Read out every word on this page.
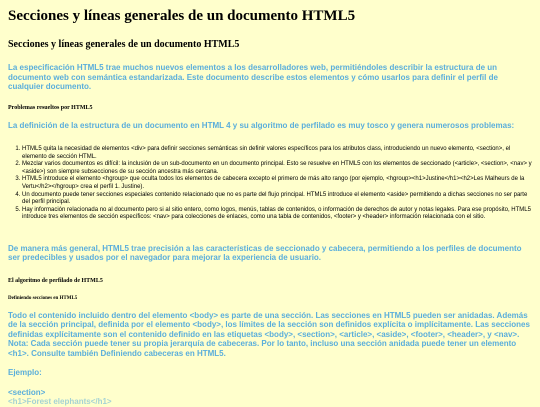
Secciones y líneas generales de un documento HTML5
Secciones y líneas generales de un documento HTML5

La especificación HTML5 trae muchos nuevos elementos a los desarrolladores web, permitiéndoles describir la estructura de un documento web con semántica estandarizada. Este documento describe estos elementos y cómo usarlos para definir el perfil de cualquier documento.

Problemas resueltos por HTML5

La definición de la estructura de un documento en HTML 4 y su algoritmo de perfilado es muy tosco y genera numerosos problemas:

1. HTML5 quita la necesidad de elementos <div> para definir secciones semánticas sin definir valores específicos para los atributos class, introduciendo un nuevo elemento, <section>, el elemento de sección HTML.
2. Mezclar varios documentos es difícil: la inclusión de un sub-documento en un documento principal. Esto se resuelve en HTML5 con los elementos de seccionado (<article>, <section>, <nav> y <aside>) son siempre subsecciones de su sección ancestra más cercana.
3. HTML5 introduce el elemento <hgroup> que oculta todos los elementos de cabecera excepto el primero de más alto rango (por ejemplo, <hgroup><h1>Justine</h1><h2>Les Malheurs de la Vertu</h2></hgroup> crea el perfil 1. Justine).
4. Un documento puede tener secciones especiales contenido relacionado que no es parte del flujo principal. HTML5 introduce el elemento <aside> permitiendo a dichas secciones no ser parte del perfil principal.
5. Hay información relacionada no al documento pero si al sitio entero, como logos, menús, tablas de contenidos, o información de derechos de autor y notas legales. Para ese propósito, HTML5 introduce tres elementos de sección específicos: <nav> para colecciones de enlaces, como una tabla de contenidos, <footer> y <header> información relacionada con el sitio.

De manera más general, HTML5 trae precisión a las características de seccionado y cabecera, permitiendo a los perfiles de documento ser predecibles y usados por el navegador para mejorar la experiencia de usuario.

El algoritmo de perfilado de HTML5
Definiendo secciones en HTML5

Todo el contenido incluido dentro del elemento <body> es parte de una sección. Las secciones en HTML5 pueden ser anidadas. Además de la sección principal, definida por el elemento <body>, los límites de la sección son definidos explícita o implícitamente. Las secciones definidas explícitamente son el contenido definido en las etiquetas <body>, <section>, <article>, <aside>, <footer>, <header>, y <nav>. Nota: Cada sección puede tener su propia jerarquía de cabeceras. Por lo tanto, incluso una sección anidada puede tener un elemento <h1>. Consulte también Definiendo cabeceras en HTML5.

Ejemplo:

<section>

<h1>Forest elephants</h1>
